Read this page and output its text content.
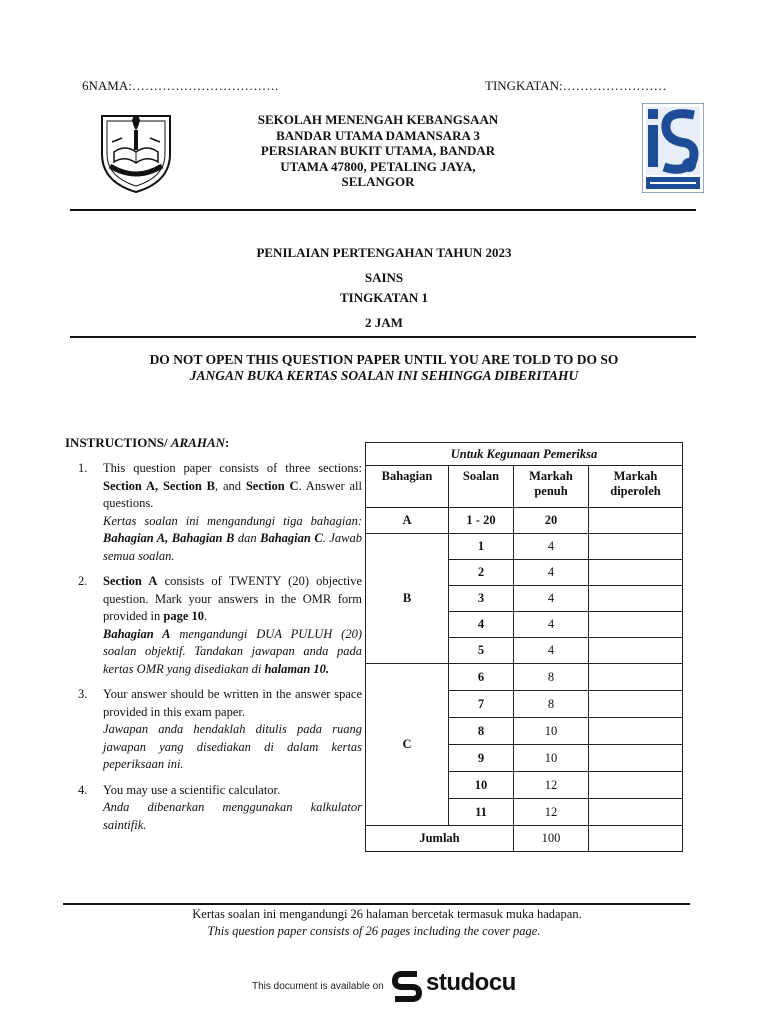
6NAMA:…………………………….	TINGKATAN:……………………
SEKOLAH MENENGAH KEBANGSAAN
BANDAR UTAMA DAMANSARA 3
PERSIARAN BUKIT UTAMA, BANDAR
UTAMA 47800, PETALING JAYA,
SELANGOR
PENILAIAN PERTENGAHAN TAHUN 2023
SAINS
TINGKATAN 1
2 JAM
DO NOT OPEN THIS QUESTION PAPER UNTIL YOU ARE TOLD TO DO SO
JANGAN BUKA KERTAS SOALAN INI SEHINGGA DIBERITAHU
INSTRUCTIONS/ ARAHAN:
1.	This question paper consists of three sections: Section A, Section B, and Section C. Answer all questions.

Kertas soalan ini mengandungi tiga bahagian: Bahagian A, Bahagian B dan Bahagian C. Jawab semua soalan.

2.	Section A consists of TWENTY (20) objective question. Mark your answers in the OMR form provided in page 10.

Bahagian A mengandungi DUA PULUH (20) soalan objektif. Tandakan jawapan anda pada kertas OMR yang disediakan di halaman 10.

3.	Your answer should be written in the answer space provided in this exam paper.

Jawapan anda hendaklah ditulis pada ruang jawapan yang disediakan di dalam kertas peperiksaan ini.

4.	You may use a scientific calculator.

Anda dibenarkan menggunakan kalkulator saintifik.

Untuk Kegunaan Pemeriksa			
Bahagian	Soalan	Markah penuh	Markah diperoleh
A	1 - 20	20	
B	1	4	
	2	4	
	3	4	
	4	4	
	5	4	
C	6	8	
	7	8	
	8	10	
	9	10	
	10	12	
	11	12	
Jumlah		100	
Kertas soalan ini mengandungi 26 halaman bercetak termasuk muka hadapan.
This question paper consists of 26 pages including the cover page.
This document is available on studocu
